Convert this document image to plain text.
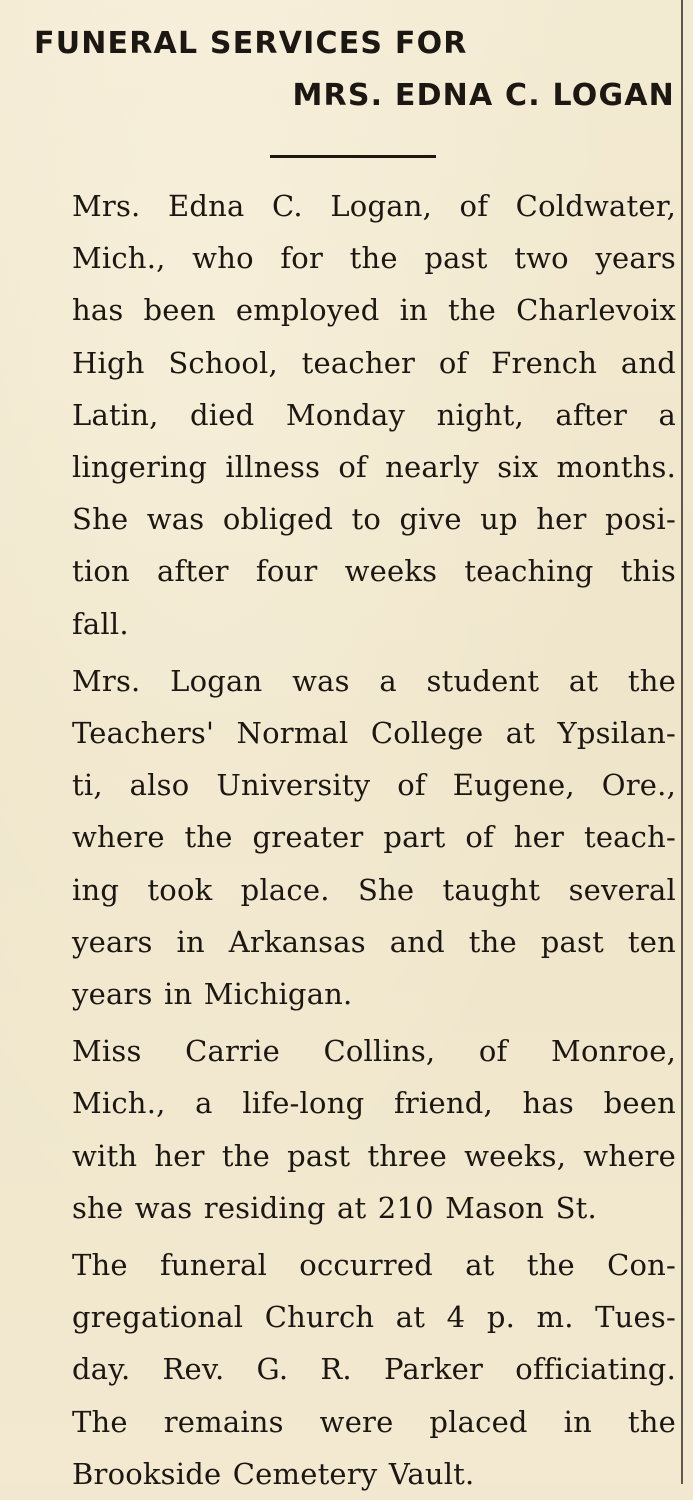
FUNERAL SERVICES FOR
MRS. EDNA C. LOGAN

Mrs. Edna C. Logan, of Coldwater,
Mich., who for the past two years
has been employed in the Charlevoix
High School, teacher of French and
Latin, died Monday night, after a
lingering illness of nearly six months.
She was obliged to give up her posi-
tion after four weeks teaching this
fall.

Mrs. Logan was a student at the
Teachers' Normal College at Ypsilan-
ti, also University of Eugene, Ore.,
where the greater part of her teach-
ing took place. She taught several
years in Arkansas and the past ten
years in Michigan.

Miss Carrie Collins, of Monroe,
Mich., a life-long friend, has been
with her the past three weeks, where
she was residing at 210 Mason St.

The funeral occurred at the Con-
gregational Church at 4 p. m. Tues-
day. Rev. G. R. Parker officiating.
The remains were placed in the
Brookside Cemetery Vault.
